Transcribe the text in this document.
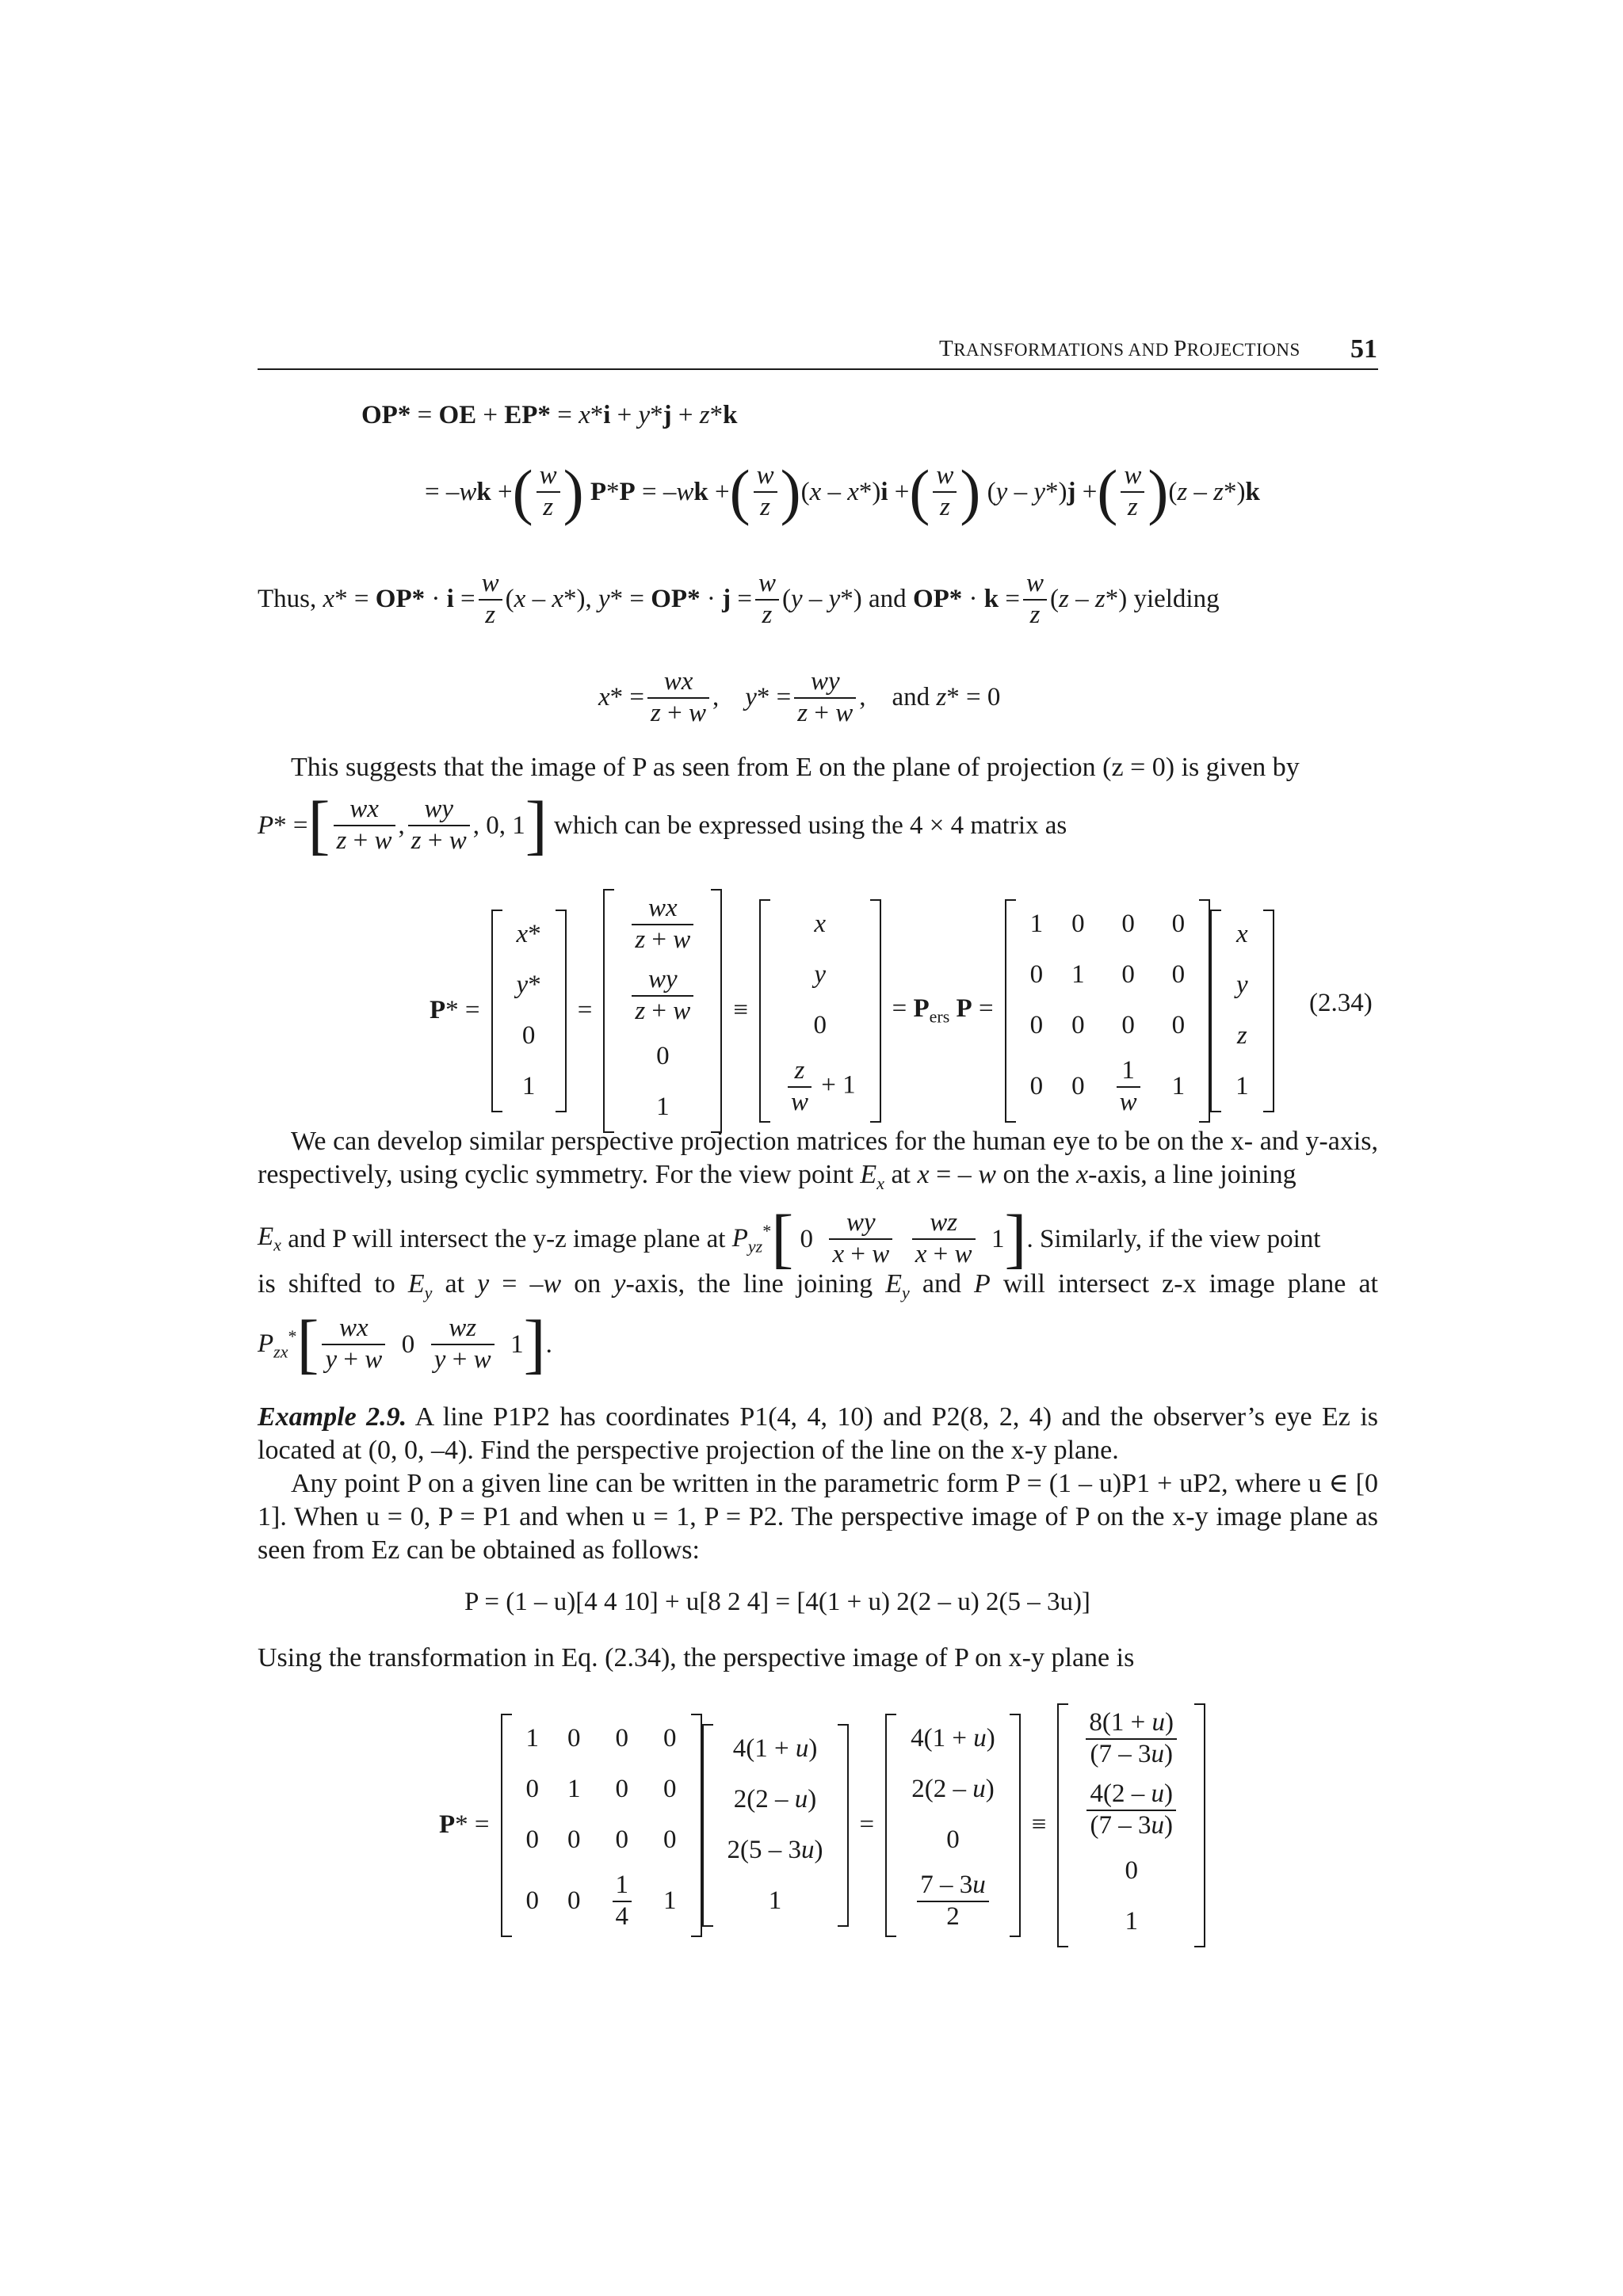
TRANSFORMATIONS AND PROJECTIONS 51
OP* = OE + EP* = x*i + y*j + z*k
= –wk + ( $\frac{w}{z}$ ) P*P = –wk + ( $\frac{w}{z}$ ) (x – x*)i + ( $\frac{w}{z}$ ) (y – y*)j + ( $\frac{w}{z}$ ) (z – z*)k
Thus, $x* = OP* \cdot i = \frac{w}{z} (x - x*)$, $y* = OP* \cdot j = \frac{w}{z} (y - y*)$ and $OP* \cdot k = \frac{w}{z} (z - z*)$ yielding
$x* = \frac{wx}{z + w}$ , $y* = \frac{wy}{z + w}$ ,    and z* = 0
This suggests that the image of P as seen from E on the plane of projection (z = 0) is given by
P* = [ $\frac{wx}{z + w}$ , $\frac{wy}{z + w}$ , 0, 1 ]
which can be expressed using the 4 × 4 matrix as
P* =
x*
y*
0
1
=
$\frac{wx}{z + w}$

$\frac{wy}{z + w}$

0
1
≡
x
y
0

$\frac{z}{w} + 1$
= $P_{ers}$ P =
1	0	0	0
0	1	0	0
0	0	0	0
0	0	$\frac{1}{w}$	1
x
y
z
1
(2.34)
We can develop similar perspective projection matrices for the human eye to be on the x- and y-axis, respectively, using cyclic symmetry. For the view point $E_x$ at x = – w on the x-axis, a line joining
$E_x$ and P will intersect the y-z image plane at $P_{yz}^*$ [ $0 \frac{wy}{x + w}$
$\frac{wz}{x + w} 1$ ] . Similarly, if the view point
is shifted to $E_y$ at y = –w on y-axis, the line joining $E_y$ and P will intersect z-x image plane at
$P_{zx}^*$ [ $\frac{wx}{y + w} 0 \frac{wz}{y + w} 1$ ] .
Example 2.9. A line P1P2 has coordinates P1(4, 4, 10) and P2(8, 2, 4) and the observer’s eye Ez is located at (0, 0, –4). Find the perspective projection of the line on the x-y plane.
Any point P on a given line can be written in the parametric form P = (1 – u)P1 + uP2, where u ∈ [0 1]. When u = 0, P = P1 and when u = 1, P = P2. The perspective image of P on the x-y image plane as seen from Ez can be obtained as follows:
P = (1 – u)[4 4 10] + u[8 2 4] = [4(1 + u) 2(2 – u) 2(5 – 3u)]
Using the transformation in Eq. (2.34), the perspective image of P on x-y plane is
P* =
1	0	0	0
0	1	0	0
0	0	0	0
0	0	$\frac{1}{4}$	1
4(1 + u)
2(2 – u)
2(5 – 3u)
1
=
4(1 + u)
2(2 – u)
0

$\frac{7 - 3u}{2}$
≡
$\frac{8(1 + u)}{(7 - 3u)}$

$\frac{4(2 - u)}{(7 - 3u)}$

0
1
